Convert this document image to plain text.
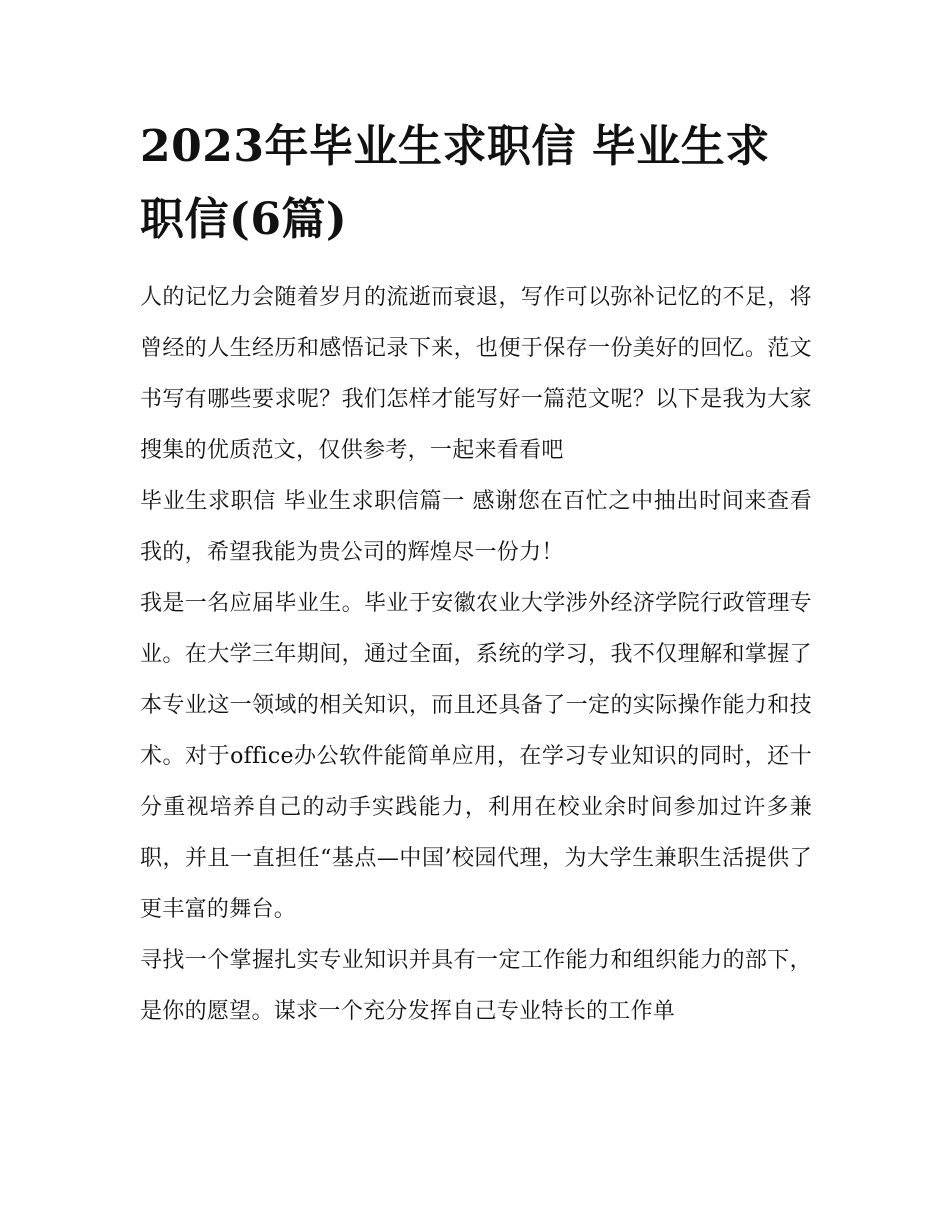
2023年毕业生求职信 毕业生求职信(6篇)

人的记忆力会随着岁月的流逝而衰退，写作可以弥补记忆的不足，将曾经的人生经历和感悟记录下来，也便于保存一份美好的回忆。范文书写有哪些要求呢？我们怎样才能写好一篇范文呢？以下是我为大家搜集的优质范文，仅供参考，一起来看看吧

毕业生求职信 毕业生求职信篇一 感谢您在百忙之中抽出时间来查看我的，希望我能为贵公司的辉煌尽一份力！

我是一名应届毕业生。毕业于安徽农业大学涉外经济学院行政管理专业。在大学三年期间，通过全面，系统的学习，我不仅理解和掌握了本专业这一领域的相关知识，而且还具备了一定的实际操作能力和技术。对于office办公软件能简单应用，在学习专业知识的同时，还十分重视培养自己的动手实践能力，利用在校业余时间参加过许多兼职，并且一直担任“基点—中国’校园代理，为大学生兼职生活提供了更丰富的舞台。

寻找一个掌握扎实专业知识并具有一定工作能力和组织能力的部下，是你的愿望。谋求一个充分发挥自己专业特长的工作单
